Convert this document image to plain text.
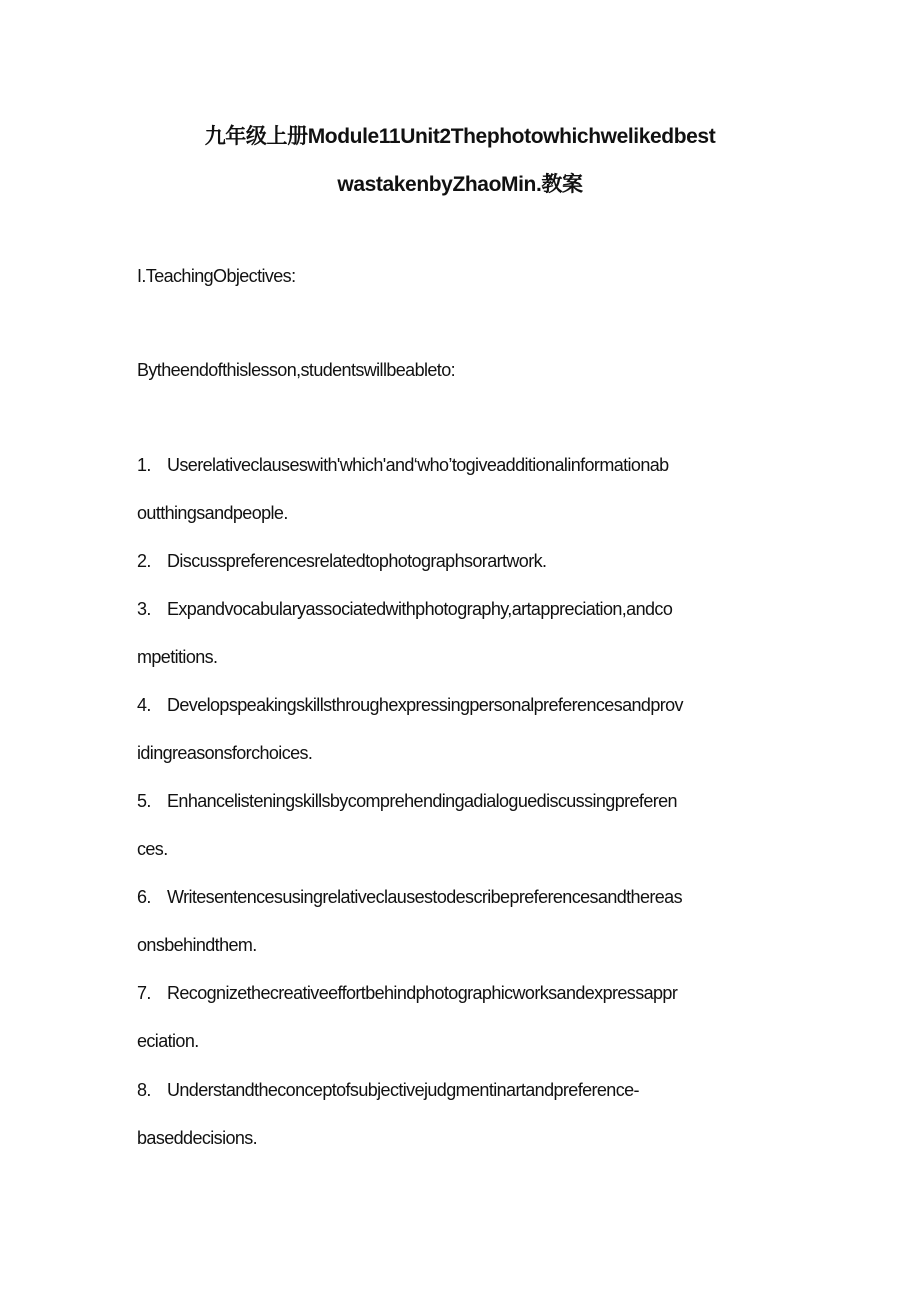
九年级上册Module11Unit2Thephotowhichwelikedbest
wastakenbyZhaoMin.教案
I.TeachingObjectives:
Bytheendofthislesson,studentswillbeableto:
1. Userelativeclauseswith'which'and‘who’togiveadditionalinformationab
outthingsandpeople.
2. Discusspreferencesrelatedtophotographsorartwork.
3. Expandvocabularyassociatedwithphotography,artappreciation,andco
mpetitions.
4. Developspeakingskillsthroughexpressingpersonalpreferencesandprov
idingreasonsforchoices.
5. Enhancelisteningskillsbycomprehendingadialoguediscussingpreferen
ces.
6. Writesentencesusingrelativeclausestodescribepreferencesandthereas
onsbehindthem.
7. Recognizethecreativeeffortbehindphotographicworksandexpressappr
eciation.
8. Understandtheconceptofsubjectivejudgmentinartandpreference-
baseddecisions.
